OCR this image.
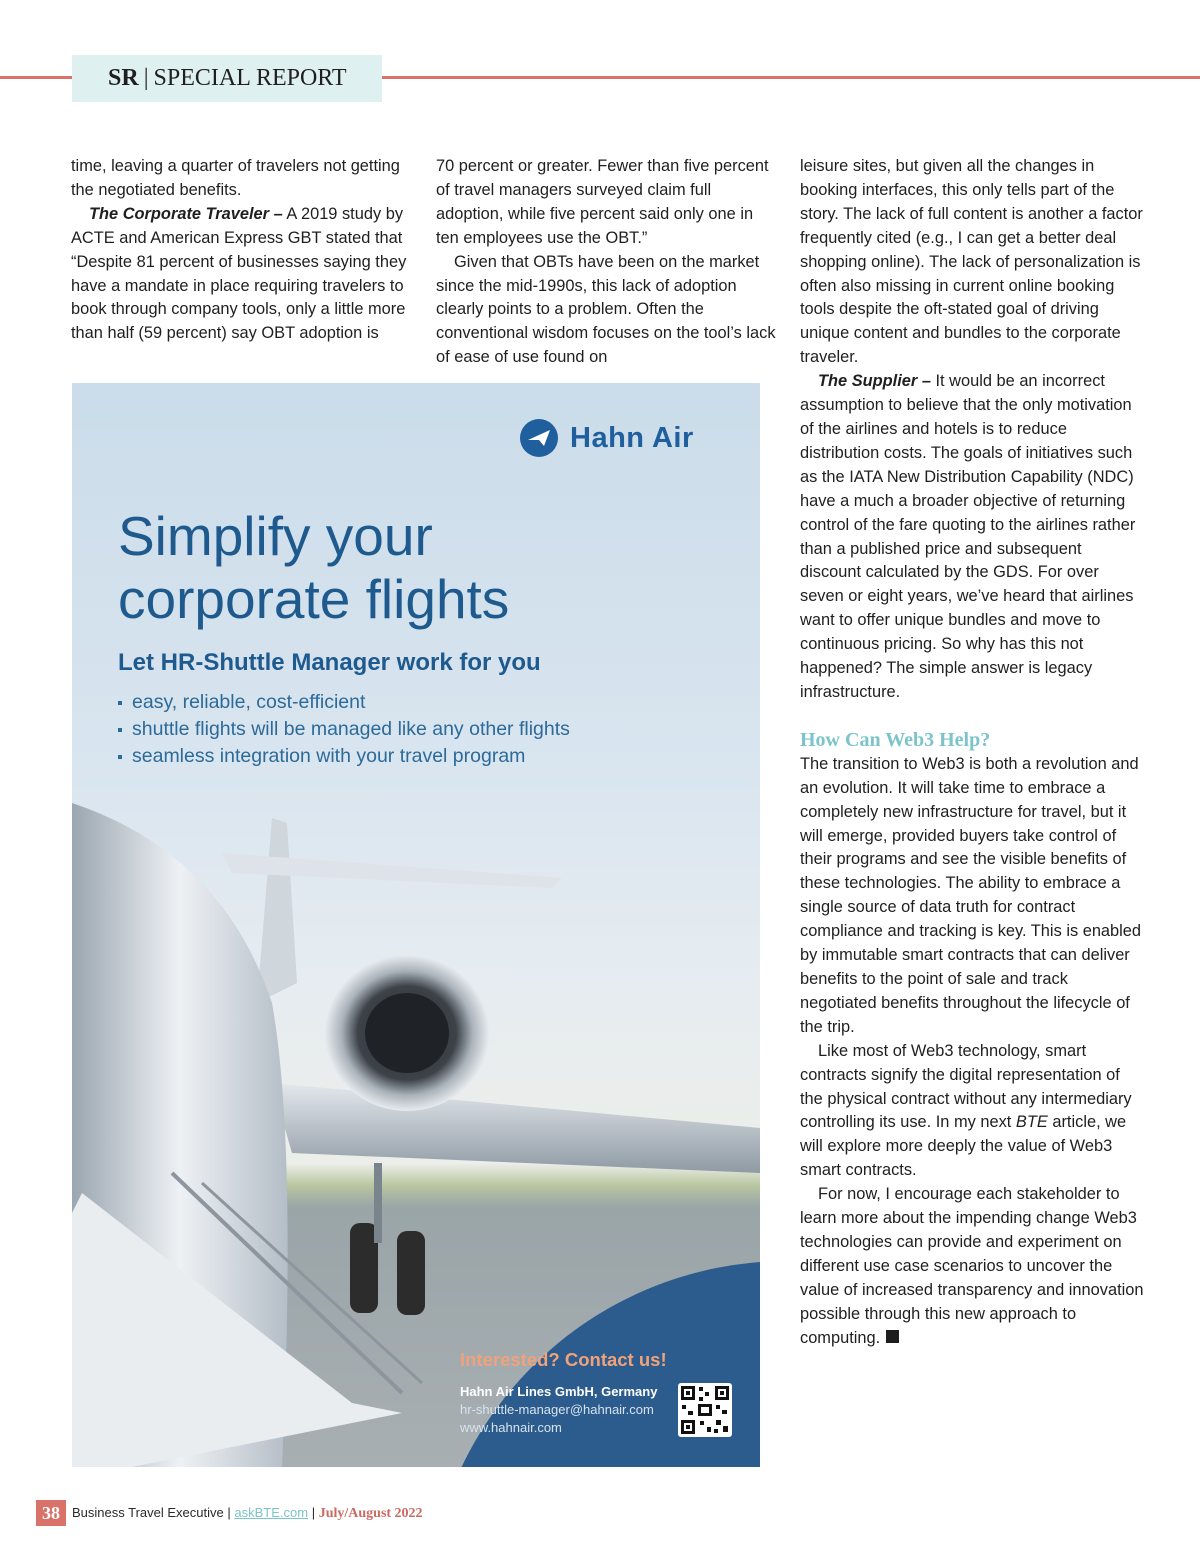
SR | SPECIAL REPORT

time, leaving a quarter of travelers not getting the negotiated benefits.

The Corporate Traveler – A 2019 study by ACTE and American Express GBT stated that “Despite 81 percent of businesses saying they have a mandate in place requiring travelers to book through company tools, only a little more than half (59 percent) say OBT adoption is

70 percent or greater. Fewer than five percent of travel managers surveyed claim full adoption, while five percent said only one in ten employees use the OBT.”

Given that OBTs have been on the market since the mid-1990s, this lack of adoption clearly points to a problem. Often the conventional wisdom focuses on the tool’s lack of ease of use found on

leisure sites, but given all the changes in booking interfaces, this only tells part of the story. The lack of full content is another a factor frequently cited (e.g., I can get a better deal shopping online). The lack of personalization is often also missing in current online booking tools despite the oft-stated goal of driving unique content and bundles to the corporate traveler.

The Supplier – It would be an incorrect assumption to believe that the only motivation of the airlines and hotels is to reduce distribution costs. The goals of initiatives such as the IATA New Distribution Capability (NDC) have a much a broader objective of returning control of the fare quoting to the airlines rather than a published price and subsequent discount calculated by the GDS. For over seven or eight years, we’ve heard that airlines want to offer unique bundles and move to continuous pricing. So why has this not happened? The simple answer is legacy infrastructure.

How Can Web3 Help?

The transition to Web3 is both a revolution and an evolution. It will take time to embrace a completely new infrastructure for travel, but it will emerge, provided buyers take control of their programs and see the visible benefits of these technologies. The ability to embrace a single source of data truth for contract compliance and tracking is key. This is enabled by immutable smart contracts that can deliver benefits to the point of sale and track negotiated benefits throughout the lifecycle of the trip.

Like most of Web3 technology, smart contracts signify the digital representation of the physical contract without any intermediary controlling its use. In my next BTE article, we will explore more deeply the value of Web3 smart contracts.

For now, I encourage each stakeholder to learn more about the impending change Web3 technologies can provide and experiment on different use case scenarios to uncover the value of increased transparency and innovation possible through this new approach to computing.

Hahn Air
Simplify your
corporate flights
Let HR-Shuttle Manager work for you
easy, reliable, cost-efficient
shuttle flights will be managed like any other flights
seamless integration with your travel program
Interested? Contact us!
Hahn Air Lines GmbH, Germany
hr-shuttle-manager@hahnair.com
www.hahnair.com
38 Business Travel Executive | askBTE.com | July/August 2022
